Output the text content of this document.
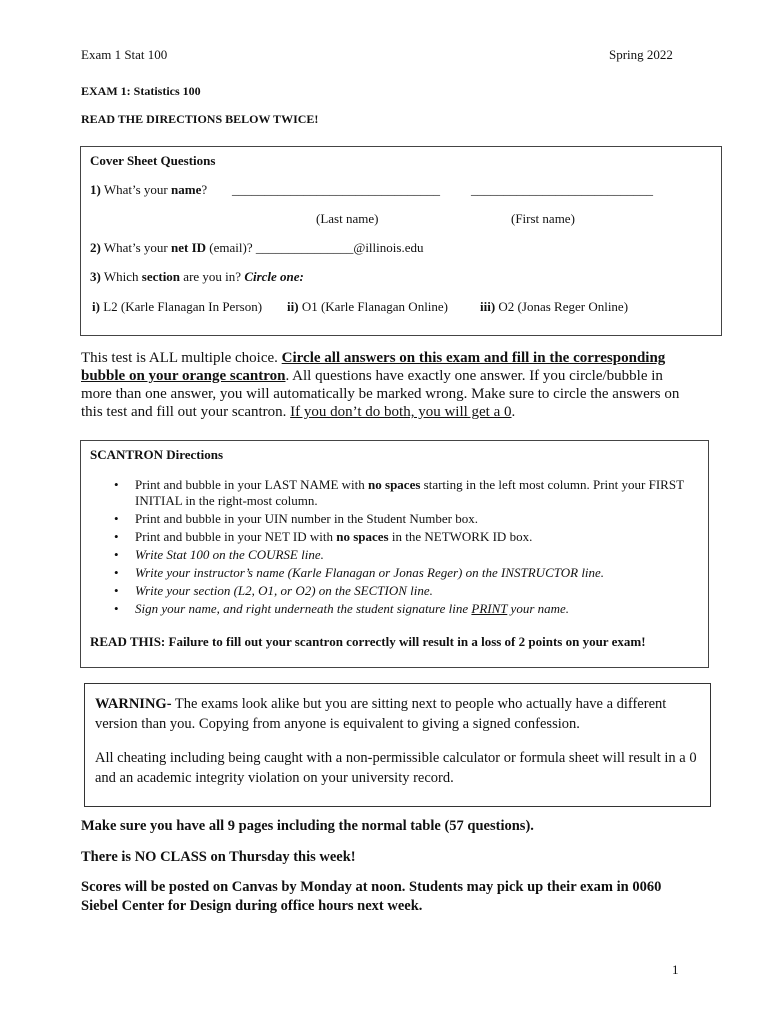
Exam 1 Stat 100	Spring 2022
EXAM 1: Statistics 100
READ THE DIRECTIONS BELOW TWICE!
Cover Sheet Questions
1) What’s your name? ________________________________ ____________________________
(Last name)	(First name)
2) What’s your net ID (email)? _______________@illinois.edu
3) Which section are you in? Circle one:
i) L2 (Karle Flanagan In Person) ii) O1 (Karle Flanagan Online) iii) O2 (Jonas Reger Online)
This test is ALL multiple choice. Circle all answers on this exam and fill in the corresponding bubble on your orange scantron. All questions have exactly one answer. If you circle/bubble in more than one answer, you will automatically be marked wrong. Make sure to circle the answers on this test and fill out your scantron. If you don’t do both, you will get a 0.
SCANTRON Directions
• Print and bubble in your LAST NAME with no spaces starting in the left most column. Print your FIRST INITIAL in the right-most column.
• Print and bubble in your UIN number in the Student Number box.
• Print and bubble in your NET ID with no spaces in the NETWORK ID box.
• Write Stat 100 on the COURSE line.
• Write your instructor’s name (Karle Flanagan or Jonas Reger) on the INSTRUCTOR line.
• Write your section (L2, O1, or O2) on the SECTION line.
• Sign your name, and right underneath the student signature line PRINT your name.
READ THIS: Failure to fill out your scantron correctly will result in a loss of 2 points on your exam!
WARNING- The exams look alike but you are sitting next to people who actually have a different version than you. Copying from anyone is equivalent to giving a signed confession.
All cheating including being caught with a non-permissible calculator or formula sheet will result in a 0 and an academic integrity violation on your university record.
Make sure you have all 9 pages including the normal table (57 questions).
There is NO CLASS on Thursday this week!
Scores will be posted on Canvas by Monday at noon. Students may pick up their exam in 0060 Siebel Center for Design during office hours next week.
1
